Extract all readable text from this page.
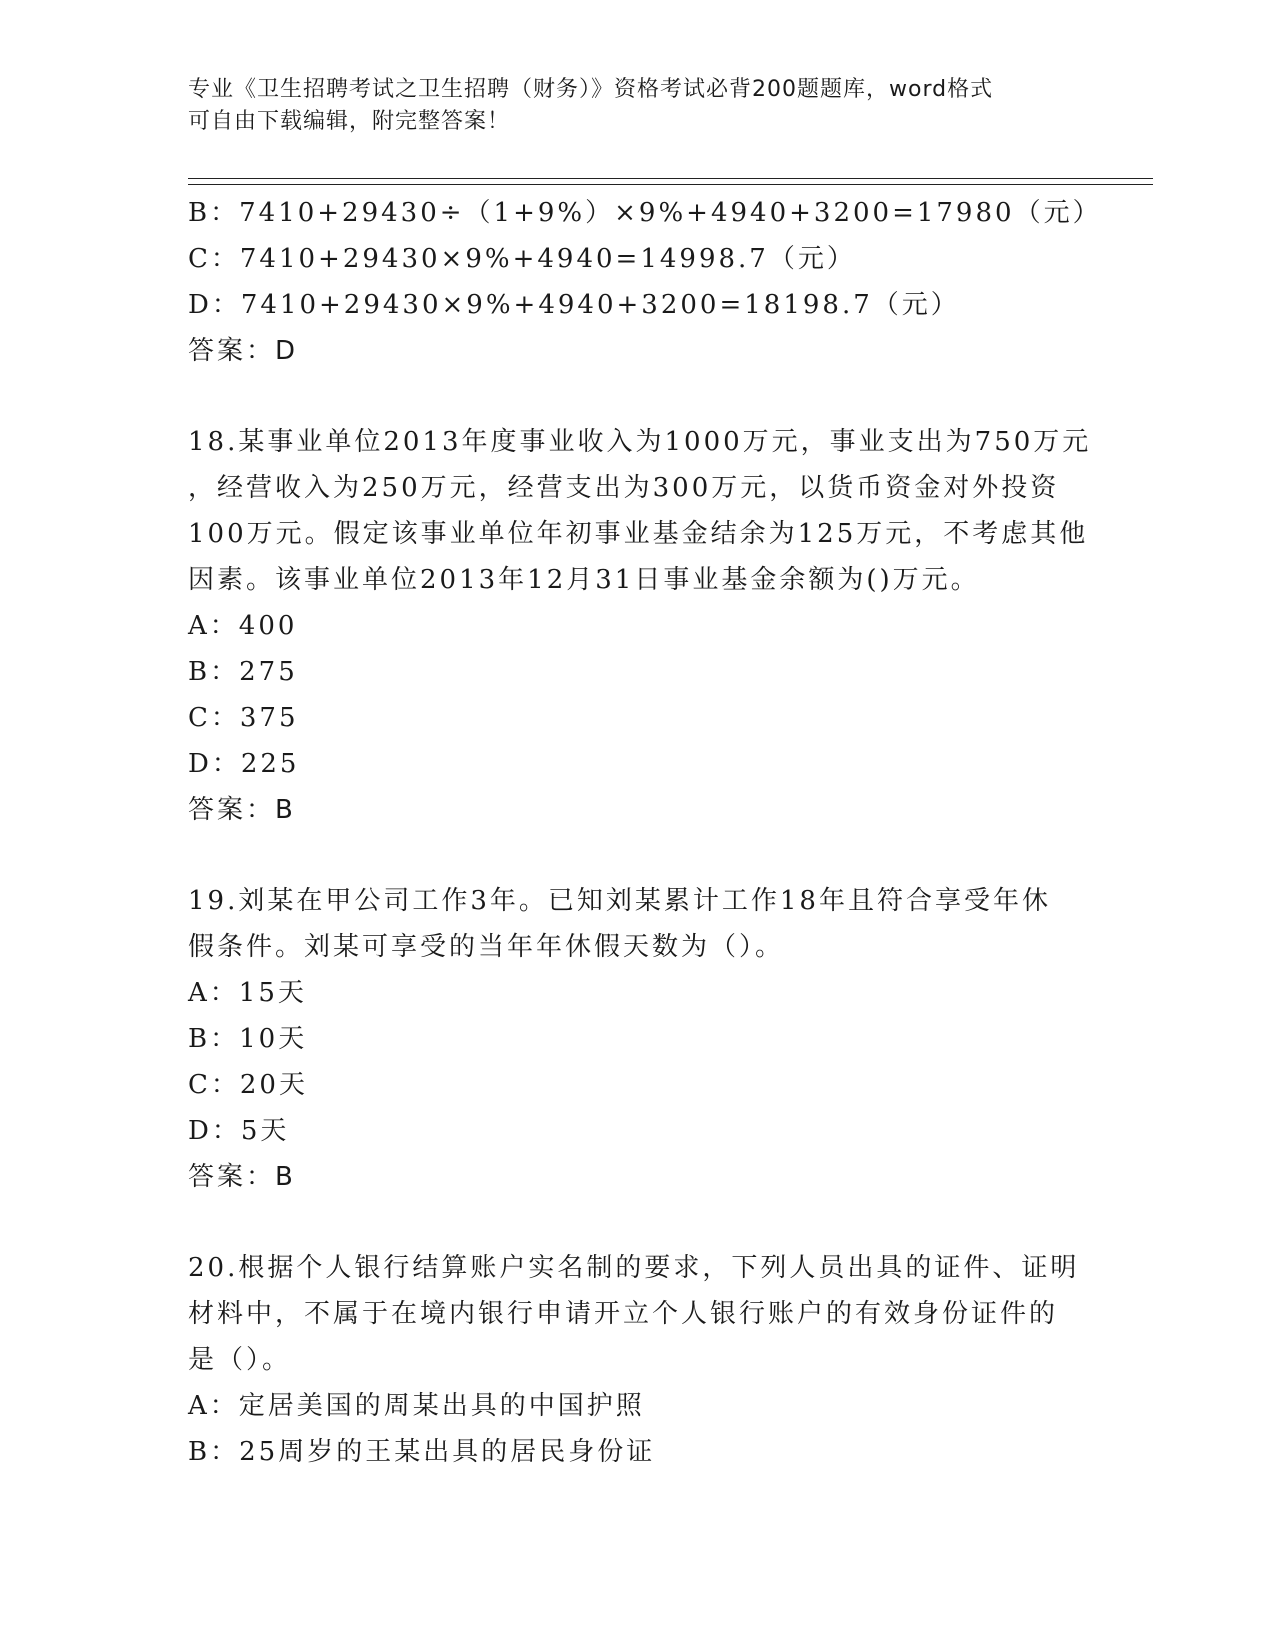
专业《卫生招聘考试之卫生招聘（财务）》资格考试必背200题题库，word格式

可自由下载编辑，附完整答案！

B：7410+29430÷（1+9%）×9%+4940+3200=17980（元）
C：7410+29430×9%+4940=14998.7（元）
D：7410+29430×9%+4940+3200=18198.7（元）
答案：D
18.某事业单位2013年度事业收入为1000万元，事业支出为750万元
，经营收入为250万元，经营支出为300万元，以货币资金对外投资
100万元。假定该事业单位年初事业基金结余为125万元，不考虑其他
因素。该事业单位2013年12月31日事业基金余额为()万元。
A：400
B：275
C：375
D：225
答案：B
19.刘某在甲公司工作3年。已知刘某累计工作18年且符合享受年休
假条件。刘某可享受的当年年休假天数为（）。
A：15天
B：10天
C：20天
D：5天
答案：B
20.根据个人银行结算账户实名制的要求，下列人员出具的证件、证明
材料中，不属于在境内银行申请开立个人银行账户的有效身份证件的
是（）。
A：定居美国的周某出具的中国护照
B：25周岁的王某出具的居民身份证
